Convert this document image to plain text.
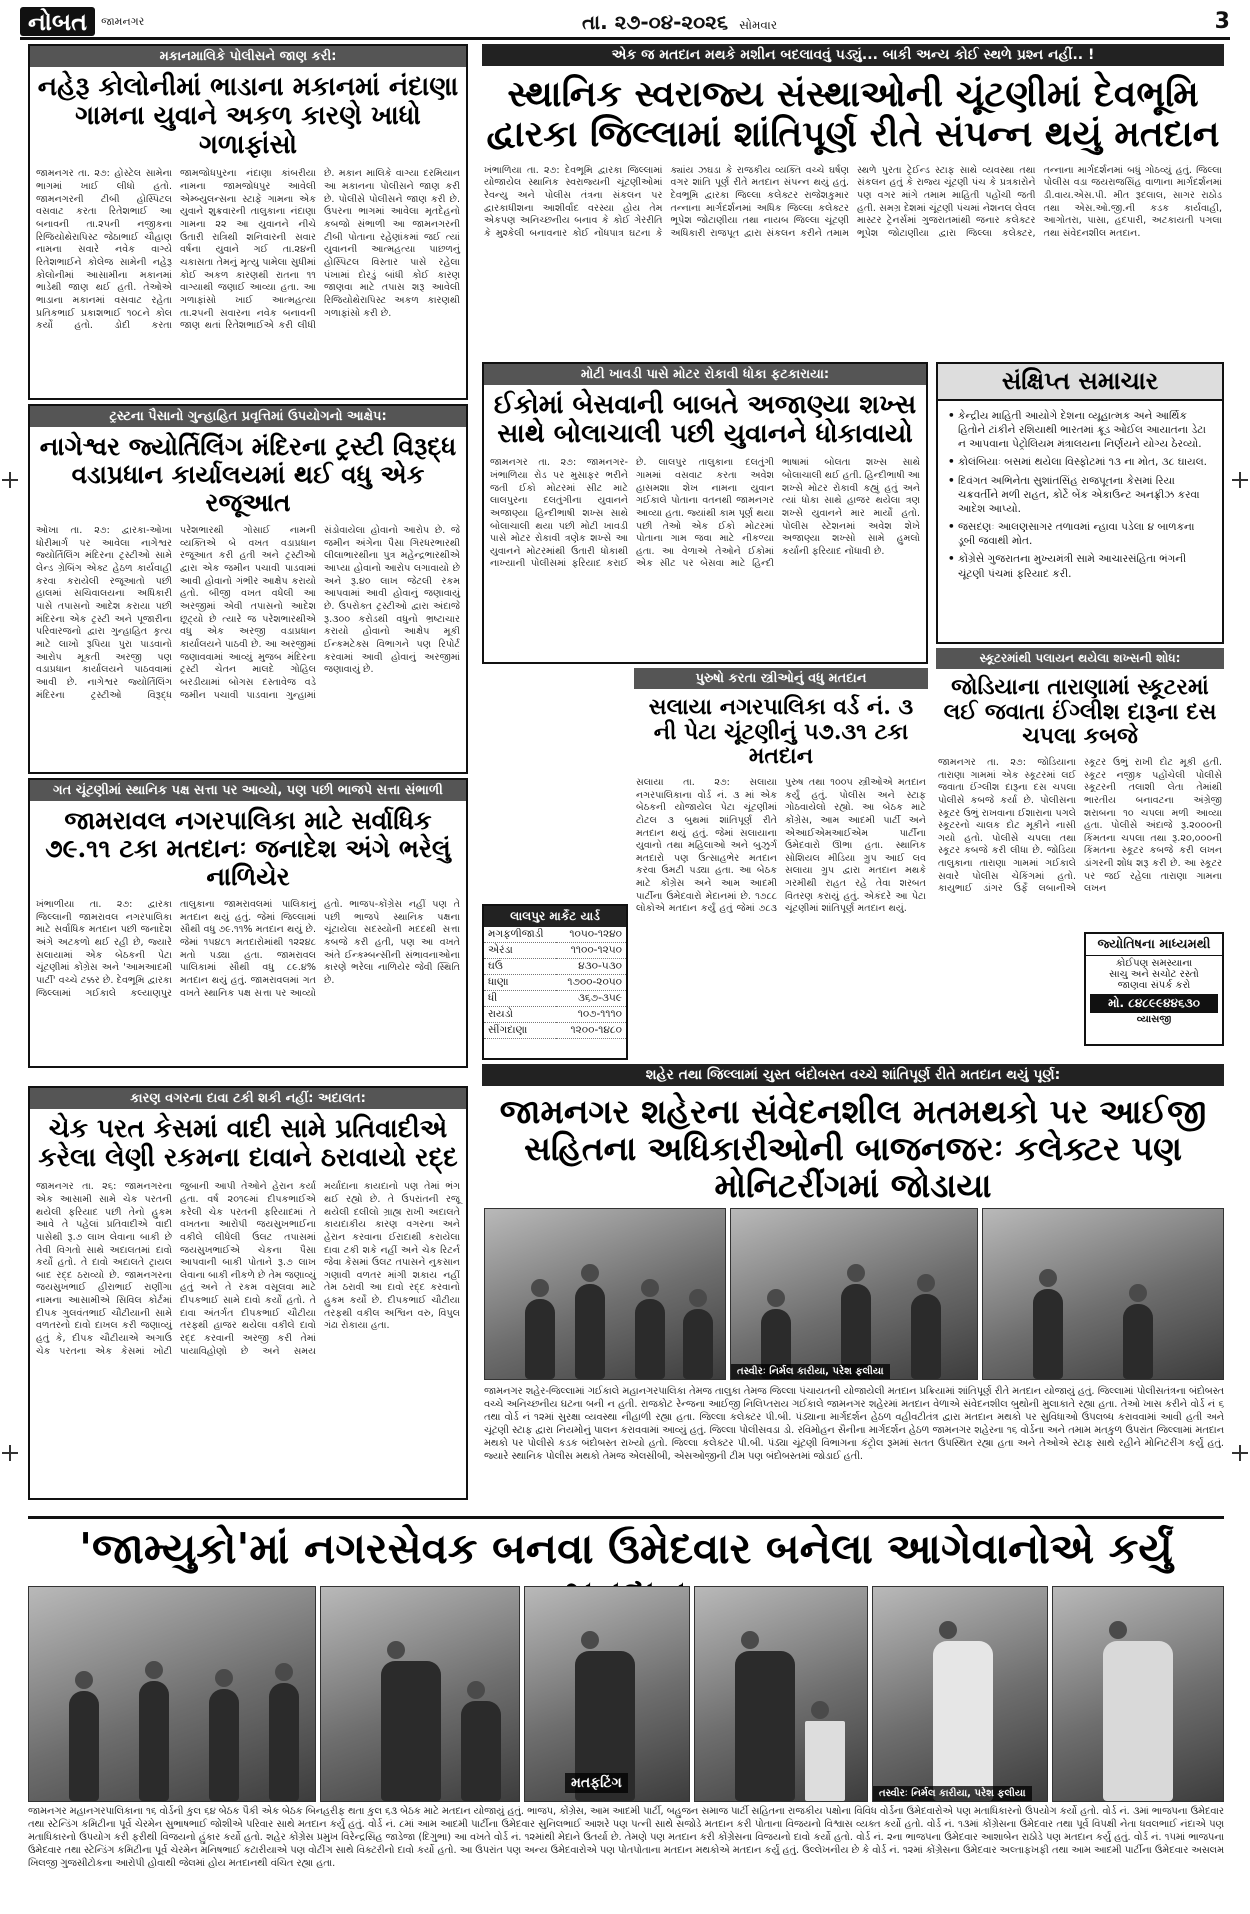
નોબત	જામનગર	તા. ૨૭-૦૪-૨૦૨૬ સોમવાર	3
મકાનમાલિકે પોલીસને જાણ કરી:
નહેરૂ કોલોનીમાં ભાડાના મકાનમાં નંદાણા ગામના યુવાને અકળ કારણે ખાધો ગળાફાંસો
જામનગર તા. ૨૭: હોસ્ટેલ સામેના ભાગમાં ખાઈ લીધો હતો. જામનગરની ટીબી હોસ્પિટલ વસવાટ કરતા રિતેશભાઈ આ બનાવની તા.૨૫ની નજીકના રિજિયોથેરાપિસ્ટ જેઠાભાઈ ચૌહાણ નામના સવારે નવેક વાગ્યે રિતેશભાઈને કોલેજ સામેની નહેરૂ કોલોનીમાં આસામીના મકાનમાં ભાડેથી જાણ થઈ હતી. તેઓએ ભાડાના મકાનમાં વસવાટ રહેતા પ્રતિકભાઈ પ્રકાશભાઈ ૧૦૮ને કોલ કર્યો હતો. ડોદી કરતા જામજોધપુરના નંદાણા કાંબરીયા નામના જામજોધપુર આવેલી એમ્બ્યુલન્સના સ્ટાફે ગામના એક યુવાને શુક્રવારની તાલુકાના નંદાણા ગામના ૨૨ આ યુવાનને નીચે ઉતારી રાત્રિથી શનિવારની સવાર વર્ષના યુવાને ગઈ તા.૨૪ની ચકાસતા તેમનું મૃત્યુ પામેલા સુધીમાં કોઈ અકળ કારણથી રાતના ૧૧ વાગ્યાથી જણાઈ આવ્યા હતા. આ ગળાફાંસો ખાઈ આત્મહત્યા તા.૨૫ની સવારના નવેક બનાવની જાણ થતાં રિતેશભાઈએ કરી લીધી છે. મકાન માલિકે વાગ્યા દરમિયાન આ મકાનના પોલીસને જાણ કરી છે. પોલીસે પોલીસને જાણ કરી છે. ઉપરના ભાગમાં આવેલા મૃતદેહનો કબજો સંભાળી આ જામનગરની ટીબી પોતાના રહેણાંકમાં જઈ ત્યાં યુવાનની આત્મહત્યા પાછળનું હોસ્પિટલ વિસ્તાર પાસે રહેલા પંખામાં દોરડું બાંધી કોઈ કારણ જાણવા માટે તપાસ શરૂ આવેલી રિજિયોથેરાપિસ્ટ અકળ કારણથી ગળાફાંસો કરી છે.
ટ્રસ્ટના પૈસાનો ગુન્હાહિત પ્રવૃત્તિમાં ઉપયોગનો આક્ષેપ:
નાગેશ્વર જ્યોર્તિલિંગ મંદિરના ટ્રસ્ટી વિરૂદ્ધ વડાપ્રધાન કાર્યાલયમાં થઈ વધુ એક રજૂઆત
ઓખા તા. ૨૭: દ્વારકા-ઓખા ધોરીમાર્ગ પર આવેલા નાગેશ્વર જ્યોર્તિલિંગ મંદિરના ટ્રસ્ટીઓ સામે લેન્ડ ગ્રેબિંગ એક્ટ હેઠળ કાર્યવાહી કરવા કરાયેલી રજૂઆતો પછી હાલમાં સચિવાલયના અધિકારી પાસે તપાસનો આદેશ કરાયા પછી મંદિરના એક ટ્રસ્ટી અને પૂજારીના પરિવારજનો દ્વારા ગુન્હાહિત કૃત્ય માટે લાખો રૂપિયા પુરા પાડવાનો આરોપ મૂકતી અરજી પણ વડાપ્રધાન કાર્યાલયને પાઠવવામાં આવી છે. નાગેશ્વર જ્યોર્તિલિંગ મંદિરના ટ્રસ્ટીઓ વિરૂદ્ધ પરેશભારથી ગોસાઈ નામની વ્યક્તિએ બે વખત વડાપ્રધાન રજૂઆત કરી હતી અને ટ્રસ્ટીઓ દ્વારા એક જમીન પચાવી પાડવામાં આવી હોવાનો ગંભીર આક્ષેપ કરાયો હતો. બીજી વખત વધેલી આ અરજીમાં એવી તપાસનો આદેશ છૂટ્યો છે ત્યારે જ પરેશભારથીએ વધુ એક અરજી વડાપ્રધાન કાર્યાલયને પાઠવી છે. આ અરજીમાં જણાવવામાં આવ્યું મુજબ મંદિરના ટ્રસ્ટી ચેતન માલદે ગોહિલ બરડીયામાં બોગસ દસ્તાવેજ વડે જમીન પચાવી પાડવાના ગુન્હામાં સંડોવાયેલા હોવાનો આરોપ છે. જે જમીન અંગેના પૈસા ગિરધરભારથી લીલાભારથીના પુત્ર મહેન્દ્રભારથીએ આપ્યા હોવાનો આરોપ લગાવાયો છે અને રૂ.૪૦ લાખ જેટલી રકમ આપવામાં આવી હોવાનું જણાવાયું છે. ઉપરોક્ત ટ્રસ્ટીઓ દ્વારા અંદાજે રૂ.૩૦૦ કરોડથી વધુનો ભ્રષ્ટાચાર કરાયો હોવાનો આક્ષેપ મૂકી ઈન્કમટેક્સ વિભાગને પણ રિપોર્ટ કરવામાં આવી હોવાનું અરજીમાં જણાવાયું છે.
ગત ચૂંટણીમાં સ્થાનિક પક્ષ સત્તા પર આવ્યો, પણ પછી ભાજપે સત્તા સંભાળી
જામરાવલ નગરપાલિકા માટે સર્વાધિક ૭૯.૧૧ ટકા મતદાનઃ જનાદેશ અંગે ભરેલું નાળિયેર
ખંભાળીયા તા. ૨૭: દ્વારકા જિલ્લાની જામરાવલ નગરપાલિકા માટે સર્વાધિક મતદાન પછી જનાદેશ અંગે અટકળો થઈ રહી છે, જ્યારે સલાયામાં એક બેઠકની પેટા ચૂંટણીમાં કોંગ્રેસ અને 'આમઆદમી પાર્ટી' વચ્ચે ટક્કર છે. દેવભૂમિ દ્વારકા જિલ્લામાં ગઈકાલે કલ્યાણપુર તાલુકાના જામરાવલમાં પાલિકાનું મતદાન થયું હતું. જેમાં જિલ્લામાં સૌથી વધુ ૭૯.૧૧% મતદાન થયું છે. જેમાં ૧૫૪૮૧ મતદારોમાંથી ૧૨૨૪૮ મતો પડ્યા હતા. જામરાવલ પાલિકામાં સૌથી વધુ ૮૯.૪% મતદાન થયું હતું. જામરાવલમાં ગત વખતે સ્થાનિક પક્ષ સત્તા પર આવ્યો હતો. ભાજપ-કોંગ્રેસ નહીં પણ તે પછી ભાજપે સ્થાનિક પક્ષના ચૂંટાયેલા સદસ્યોની મદદથી સત્તા કબજે કરી હતી, પણ આ વખતે અંતે ઈન્કમ્બન્સીની સંભાવનાઓના કારણે ભરેલા નાળિયેર જેવી સ્થિતિ છે.
કારણ વગરના દાવા ટકી શકી નહીં: અદાલત:
ચેક પરત કેસમાં વાદી સામે પ્રતિવાદીએ કરેલા લેણી રકમના દાવાને ઠરાવાયો રદ્દ
જામનગર તા. ૨૬: જામનગરના એક આસામી સામે ચેક પરતની થયેલી ફરિયાદ પછી તેનો હુકમ આવે તે પહેલાં પ્રતિવાદીએ વાદી પાસેથી રૂ.૭ લાખ લેવાના બાકી છે તેવી વિગતો સાથે અદાલતમાં દાવો કર્યો હતો. તે દાવો અદાલતે ટ્રાયલ બાદ રદ્દ ઠરાવ્યો છે. જામનગરના જયસુખભાઈ હીરાભાઈ રાણીંગા નામના આસામીએ સિવિલ કોર્ટમાં દીપક ગુલવંતભાઈ ચૌટીયાની સામે વળતરનો દાવો દાખલ કરી જણાવ્યું હતું કે, દીપક ચૌટીયાએ અગાઉ ચેક પરતના એક કેસમાં ખોટી જુબાની આપી તેઓને હેરાન કર્યા હતા. વર્ષ ૨૦૧૯માં દીપકભાઈએ કરેલી ચેક પરતની ફરિયાદમાં તે વખતના આરોપી જયસુખભાઈના વકીલે લીધેલી ઉલટ તપાસમાં જયસુખભાઈએ ચેકના પૈસા આપવાની બાકી પોતાને રૂ.૭ લાખ લેવાના બાકી નીકળે છે તેમ જણાવ્યું હતું અને તે રકમ વસૂલવા માટે દીપકભાઈ સામે દાવો કર્યો હતો. તે દાવા અંતર્ગત દીપકભાઈ ચૌટીયા તરફથી હાજર થયેલા વકીલે દાવો રદ્દ કરવાની અરજી કરી તેમાં પાયાવિહોણો છે અને સમય મર્યાદાના કાયદાનો પણ તેમાં ભંગ થઈ રહ્યો છે. તે ઉપરાંતની રજૂ થયેલી દલીલો ગ્રાહ્ય રાખી અદાલતે કાયદાકીય કારણ વગરના અને હેરાન કરવાના ઈરાદાથી કરાયેલા દાવા ટકી શકે નહીં અને ચેક રિટર્ન જેવા કેસમાં ઉલટ તપાસને નુકસાન ગણાવી વળતર માંગી શકાય નહીં તેમ ઠરાવી આ દાવો રદ્દ કરવાનો હુકમ કર્યો છે. દીપકભાઈ ચૌટીયા તરફથી વકીલ અશ્વિન વરુ, વિપુલ ગંઢા રોકાયા હતા.
એક જ મતદાન મથકે મશીન બદલાવવું પડ્યું... બાકી અન્ય કોઈ સ્થળે પ્રશ્ન નહીં.. !
સ્થાનિક સ્વરાજ્ય સંસ્થાઓની ચૂંટણીમાં દેવભૂમિ દ્વારકા જિલ્લામાં શાંતિપૂર્ણ રીતે સંપન્ન થયું મતદાન
ખંભાળિયા તા. ૨૭: દેવભૂમિ દ્વારકા જિલ્લામાં યોજાયેલ સ્થાનિક સ્વરાજ્યની ચૂંટણીઓમાં રેવન્યુ અને પોલીસ તંત્રના સંકલન પર દ્વારકાધીશના આશીર્વાદ વરસ્યા હોય તેમ એકપણ અનિચ્છનીય બનાવ કે કોઈ ગેરરીતિ કે મુશ્કેલી બનાવનાર કોઈ નોંધપાત્ર ઘટના કે ક્યાંય ઝઘડા કે રાજકીય વ્યક્તિ વચ્ચે ઘર્ષણ વગર શાંતિ પૂર્ણ રીતે મતદાન સંપન્ન થયું હતું. દેવભૂમિ દ્વારકા જિલ્લા કલેક્ટર રાજેશકુમાર તન્નાના માર્ગદર્શનમાં અધિક જિલ્લા કલેક્ટર ભૂપેશ જોટાણીયા તથા નાયબ જિલ્લા ચૂંટણી અધિકારી રાજપૂત દ્વારા સંકલન કરીને તમામ સ્થળે પુરતા ટ્રેઈન્ડ સ્ટાફ સાથે વ્યવસ્થા તથા સંકલન હતું કે રાજ્ય ચૂંટણી પંચ કે પ્રત્રકારોને પણ વગર માંગે તમામ માહિતી પહોંચી જતી હતી. સમગ્ર દેશમાં ચૂંટણી પંચમાં નેશનલ લેવલ માસ્ટર ટ્રેનર્સમાં ગુજરાતમાંથી જનાર કલેક્ટર ભૂપેશ જોટાણીયા દ્વારા જિલ્લા કલેક્ટર, તન્નાના માર્ગદર્શનમાં બધું ગોઠવ્યું હતું. જિલ્લા પોલીસ વડા જયરાજસિંહ વાળાના માર્ગદર્શનમાં ડી.વાય.એસ.પી. મીત રૂદલાલ, સાગર રાઠોડ તથા એસ.ઓ.જી.ની કડક કાર્યવાહી, આગોતરા, પાસા, હદપારી, અટકાયતી પગલા તથા સંવેદનશીલ મતદાન.
મોટી ખાવડી પાસે મોટર રોકાવી ધોકા ફટકારાયા:
ઈકોમાં બેસવાની બાબતે અજાણ્યા શખ્સ સાથે બોલાચાલી પછી યુવાનને ધોકાવાયો
જામનગર તા. ૨૭: જામનગર-ખંભાળિયા રોડ પર મુસાફર ભરીને જતી ઈકો મોટરમાં સીટ માટે લાલપુરના દલતુંગીના યુવાનને અજાણ્યા હિન્દીભાષી શખ્સ સાથે બોલાચાલી થયા પછી મોટી ખાવડી પાસે મોટર રોકાવી ત્રણેક શખ્સે આ યુવાનને મોટરમાંથી ઉતારી ધોકાથી નાખ્યાની પોલીસમાં ફરિયાદ કરાઈ છે. લાલપુર તાલુકાના દલતુંગી ગામમાં વસવાટ કરતા અવેશ હાસમશા શેખ નામના યુવાન ગઈકાલે પોતાના વતનથી જામનગર આવ્યા હતા. જ્યાંથી કામ પૂર્ણ થયા પછી તેઓ એક ઈકો મોટરમાં પોતાના ગામ જવા માટે નીકળ્યા હતા. આ વેળાએ તેઓને ઈકોમાં એક સીટ પર બેસવા માટે હિન્દી ભાષામાં બોલતા શખ્સ સાથે બોલાચાલી થઈ હતી. હિન્દીભાષી આ શખ્સે મોટર રોકાવી કહ્યું હતું અને ત્યાં ધોકા સાથે હાજર થયેલા ત્રણ શખ્સે યુવાનને માર માર્યો હતો. પોલીસ સ્ટેશનમાં અવેશ શેખે અજાણ્યા શખ્સો સામે હુમલો કર્યાની ફરિયાદ નોંધાવી છે.
પુરુષો કરતા સ્ત્રીઓનું વધુ મતદાન
સલાયા નગરપાલિકા વર્ડ નં. ૩ ની પેટા ચૂંટણીનું ૫૭.૩૧ ટકા મતદાન
સલાયા તા. ૨૭: સલાયા નગરપાલિકાના વોર્ડ નં. ૩ માં એક બેઠકની યોજાયેલ પેટા ચૂંટણીમાં ટોટલ ૩ બુથમાં શાંતિપૂર્ણ રીતે મતદાન થયું હતું. જેમાં સલાયાના યુવાનો તથા મહિલાઓ અને બુઝુર્ગ મતદારો પણ ઉત્સાહભેર મતદાન કરવા ઉમટી પડ્યા હતા. આ બેઠક માટે કોંગ્રેસ અને આમ આદમી પાર્ટીના ઉમેદવારો મેદાનમાં છે. ૧૭૮૮ લોકોએ મતદાન કર્યું હતું જેમાં ૭૮૩ પુરુષ તથા ૧૦૦૫ સ્ત્રીઓએ મતદાન કર્યું હતું. પોલીસ અને સ્ટાફ ગોઠવાયેલો રહ્યો. આ બેઠક માટે કોંગ્રેસ, આમ આદમી પાર્ટી અને એઆઈએમઆઈએમ પાર્ટીના ઉમેદવારો ઊભા હતા. સ્થાનિક સોશિયલ મીડિયા ગ્રુપ આઈ લવ સલાયા ગ્રુપ દ્વારા મતદાન મથકે ગરમીથી રાહત રહે તેવા શરબત વિતરણ કરાયું હતું. એકંદરે આ પેટા ચૂંટણીમાં શાંતિપૂર્ણ મતદાન થયું.
લાલપુર માર્કેટ યાર્ડ
મગફળીજાડી	૧૦૫૦-૧૨૪૦
એરંડા	૧૧૦૦-૧૨૫૦
ઘઉં	૪૩૦-૫૩૦
ધાણા	૧૭૦૦-૨૦૫૦
ધી	૩૬૭-૩૫૯
રાયડો	૧૦૭-૧૧૧૦
સીંગદાણા	૧૨૦૦-૧૪૮૦
સંક્ષિપ્ત સમાચાર
• કેન્દ્રીય માહિતી આયોગે દેશના વ્યૂહાત્મક અને આર્થિક હિતોને ટાંકીને રશિયાથી ભારતમાં ક્રૂડ ઓઈલ આયાતના ડેટા ન આપવાના પેટ્રોલિયમ મંત્રાલયના નિર્ણયને યોગ્ય ઠેરવ્યો.
• કોલંબિયાઃ બસમાં થયેલા વિસ્ફોટમાં ૧૩ ના મોત, ૩૮ ઘાયલ.
• દિવંગત અભિનેતા સુશાંતસિંહ રાજપૂતના કેસમાં રિયા ચક્રવર્તીને મળી રાહત, કોર્ટે બેંક એકાઉન્ટ અનફ્રીઝ કરવા આદેશ આપ્યો.
• જસદણઃ આલણસાગર તળાવમાં ન્હાવા પડેલા ૪ બાળકના ડૂબી જવાથી મોત.
• કોંગ્રેસે ગુજરાતના મુખ્યમંત્રી સામે આચારસંહિતા ભંગની ચૂંટણી પંચમાં ફરિયાદ કરી.
સ્કૂટરમાંથી પલાયન થયેલા શખ્સની શોધ:
જોડિયાના તારાણામાં સ્કૂટરમાં લઈ જવાતા ઈંગ્લીશ દારૂના દસ ચપલા કબજે
જામનગર તા. ૨૭: જોડિયાના તારાણા ગામમાં એક સ્કૂટરમાં લઈ જવાતા ઈંગ્લીશ દારૂના દસ ચપલા પોલીસે કબજે કર્યા છે. પોલીસના સ્કૂટર ઉભું રાખવાના ઈશારાના પગલે સ્કૂટરનો ચાલક દોટ મૂકીને નાસી ગયો હતો. પોલીસે ચપલા તથા સ્કૂટર કબજે કરી લીધા છે. જોડિયા તાલુકાના તારાણા ગામમાં ગઈકાલે સવારે પોલીસ ચેકિંગમાં હતો. કાયુભાઈ ડાંગર ઉર્ફે લબાનીએ સ્કૂટર ઉભું રાખી દોટ મૂકી હતી. સ્કૂટર નજીક પહોંચેલી પોલીસે સ્કૂટરની તલાશી લેતા તેમાંથી ભારતીય બનાવટના અંગ્રેજી શરાબના ૧૦ ચપલા મળી આવ્યા હતા. પોલીસે અંદાજે રૂ.૨૦૦૦ની કિંમતના ચપલા તથા રૂ.૨૦,૦૦૦ની કિંમતના સ્કૂટર કબજે કરી લખન ડાંગરની શોધ શરૂ કરી છે. આ સ્કૂટર પર જઈ રહેલા તારાણા ગામના લખન
જ્યોતિષના માધ્યમથી
કોઈપણ સમસ્યાના
સાચુ અને સચોટ રસ્તો
જાણવા સંપર્ક કરો
મો. ૮૪૮૯૯૪૪૬૩૦
વ્યાસજી
શહેર તથા જિલ્લામાં ચુસ્ત બંદોબસ્ત વચ્ચે શાંતિપૂર્ણ રીતે મતદાન થયું પૂર્ણ:
જામનગર શહેરના સંવેદનશીલ મતમથકો પર આઈજી સહિતના અધિકારીઓની બાજનજરઃ કલેક્ટર પણ મોનિટરીંગમાં જોડાયા
તસ્વીરઃ નિર્મલ કારીયા, પરેશ ફલીયા
જામનગર શહેર-જિલ્લામાં ગઈકાલે મહાનગરપાલિકા તેમજ તાલુકા તેમજ જિલ્લા પંચાયતની યોજાયેલી મતદાન પ્રક્રિયામાં શાંતિપૂર્ણ રીતે મતદાન યોજાયું હતું. જિલ્લામાં પોલીસતંત્રના બંદોબસ્ત વચ્ચે અનિચ્છનીય ઘટના બની ન હતી. રાજકોટ રેન્જના આઈજી નિલિપ્તરાય ગઈકાલે જામનગર શહેરમાં મતદાન વેળાએ સંવેદનશીલ બુથોની મુલાકાતે રહ્યા હતા. તેઓ ખાસ કરીને વોર્ડ નં ૬ તથા વોર્ડ નં ૧૨માં સુરક્ષા વ્યવસ્થા નીહાળી રહ્યા હતા. જિલ્લા કલેક્ટર પી.બી. પંડ્યાના માર્ગદર્શન હેઠળ વહીવટીતંત્ર દ્વારા મતદાન મથકો પર સુવિધાઓ ઉપલબ્ધ કરાવવામાં આવી હતી અને ચૂંટણી સ્ટાફ દ્વારા નિયમોનું પાલન કરાવવામાં આવ્યું હતું. જિલ્લા પોલીસવડા ડો. રવિમોહન સૈનીના માર્ગદર્શન હેઠળ જામનગર શહેરના ૧૬ વોર્ડના અને તમામ મતકુળ ઉપરાંત જિલ્લામાં મતદાન મથકો પર પોલીસે કડક બંદોબસ્ત રાખ્યો હતો. જિલ્લા કલેક્ટર પી.બી. પંડ્યા ચૂંટણી વિભાગના કંટ્રોલ રૂમમાં સતત ઉપસ્થિત રહ્યા હતા અને તેઓએ સ્ટાફ સાથે રહીને મોનિટરીંગ કર્યું હતું. જ્યારે સ્થાનિક પોલીસ મથકો તેમજ એલસીબી, એસઓજીની ટીમ પણ બંદોબસ્તમાં જોડાઈ હતી.
'જામ્યુકો'માં નગરસેવક બનવા ઉમેદવાર બનેલા આગેવાનોએ કર્યું
મતફટિંગ
તસ્વીરઃ નિર્મલ કારીયા, પરેશ ફલીયા
જામનગર મહાનગરપાલિકાના ૧૬ વોર્ડની કુલ ૬૪ બેઠક પૈકી એક બેઠક બિનહરીફ થતા કુલ ૬૩ બેઠક માટે મતદાન યોજાયું હતું. ભાજપ, કોંગ્રેસ, આમ આદમી પાર્ટી, બહુજન સમાજ પાર્ટી સહિતના રાજકીય પક્ષોના વિવિધ વોર્ડના ઉમેદવારોએ પણ મતાધિકારનો ઉપયોગ કર્યો હતો. વોર્ડ નં. ૩માં ભાજપના ઉમેદવાર તથા સ્ટેન્ડિંગ કમિટીના પૂર્વ ચેરમેન સુભાષભાઈ જોશીએ પરિવાર સાથે મતદાન કર્યું હતું. વોર્ડ નં. ૮માં આમ આદમી પાર્ટીના ઉમેદવાર સુનિલભાઈ આશરે પણ પત્ની સાથે સજોડે મતદાન કરી પોતાના વિજયનો વિશ્વાસ વ્યક્ત કર્યો હતો. વોર્ડ નં. ૧૩માં કોંગ્રેસના ઉમેદવાર તથા પૂર્વ વિપક્ષી નેતા ધવલભાઈ નંદાએ પણ મતાધિકારનો ઉપયોગ કરી ફરીથી વિજયનો હુંકાર કર્યો હતો. શહેર કોંગ્રેસ પ્રમુખ વિરેન્દ્રસિંહ જાડેજા (દિગુભા) આ વખતે વોર્ડ નં. ૧૨માંથી મેદાને ઉતર્યા છે. તેમણે પણ મતદાન કરી કોંગ્રેસના વિજયનો દાવો કર્યો હતો. વોર્ડ નં. ૨ના ભાજપના ઉમેદવાર આશાબેન રાઠોડે પણ મતદાન કર્યું હતું. વોર્ડ નં. ૧૫માં ભાજપના ઉમેદવાર તથા સ્ટેન્ડિંગ કમિટીના પૂર્વ ચેરમેન મનિષભાઈ કટારીયાએ પણ વોટીંગ સાથે વિક્ટરીનો દાવો કર્યો હતો. આ ઉપરાંત પણ અન્ય ઉમેદવારોએ પણ પોતપોતાના મતદાન મથકોએ મતદાન કર્યું હતું. ઉલ્લેખનીય છે કે વોર્ડ નં. ૧૨માં કોંગ્રેસના ઉમેદવાર અલ્તાફખફી તથા આમ આદમી પાર્ટીના ઉમેદવાર અસલમ ખિલજી ગુજસીટોકના આરોપી હોવાથી જેલમાં હોય મતદાનથી વંચિત રહ્યા હતા.
